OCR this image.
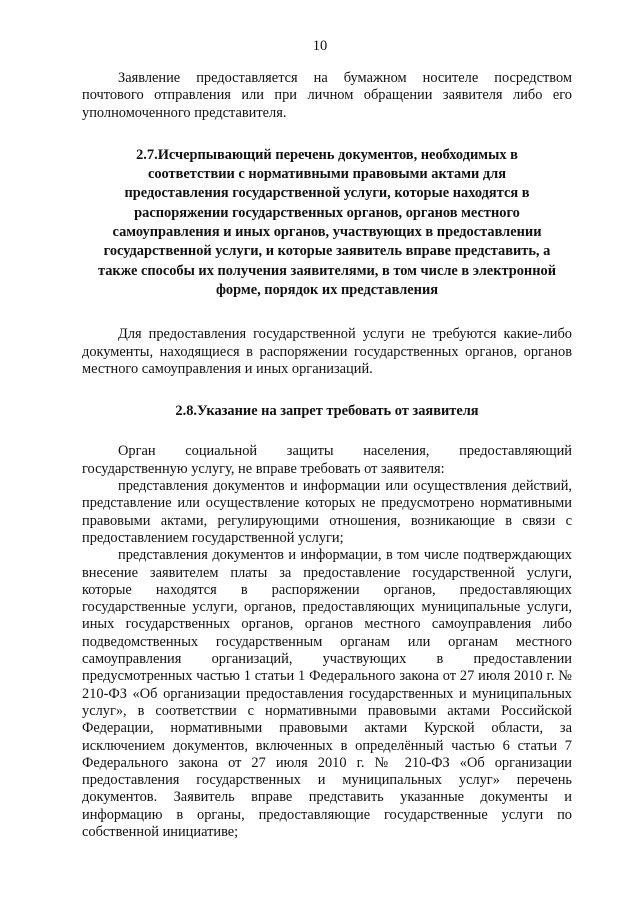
10

Заявление предоставляется на бумажном носителе посредством почтового отправления или при личном обращении заявителя либо его уполномоченного представителя.

2.7.Исчерпывающий перечень документов, необходимых в соответствии с нормативными правовыми актами для предоставления государственной услуги, которые находятся в распоряжении государственных органов, органов местного самоуправления и иных органов, участвующих в предоставлении государственной услуги, и которые заявитель вправе представить, а также способы их получения заявителями, в том числе в электронной форме, порядок их представления

Для предоставления государственной услуги не требуются какие-либо документы, находящиеся в распоряжении государственных органов, органов местного самоуправления и иных организаций.

2.8.Указание на запрет требовать от заявителя

Орган социальной защиты населения, предоставляющий государственную услугу, не вправе требовать от заявителя:

представления документов и информации или осуществления действий, представление или осуществление которых не предусмотрено нормативными правовыми актами, регулирующими отношения, возникающие в связи с предоставлением государственной услуги;

представления документов и информации, в том числе подтверждающих внесение заявителем платы за предоставление государственной услуги, которые находятся в распоряжении органов, предоставляющих государственные услуги, органов, предоставляющих муниципальные услуги, иных государственных органов, органов местного самоуправления либо подведомственных государственным органам или органам местного самоуправления организаций, участвующих в предоставлении предусмотренных частью 1 статьи 1 Федерального закона от 27 июля 2010 г. № 210-ФЗ «Об организации предоставления государственных и муниципальных услуг», в соответствии с нормативными правовыми актами Российской Федерации, нормативными правовыми актами Курской области, за исключением документов, включенных в определённый частью 6 статьи 7 Федерального закона от 27 июля 2010 г. № 210-ФЗ «Об организации предоставления государственных и муниципальных услуг» перечень документов. Заявитель вправе представить указанные документы и информацию в органы, предоставляющие государственные услуги по собственной инициативе;
